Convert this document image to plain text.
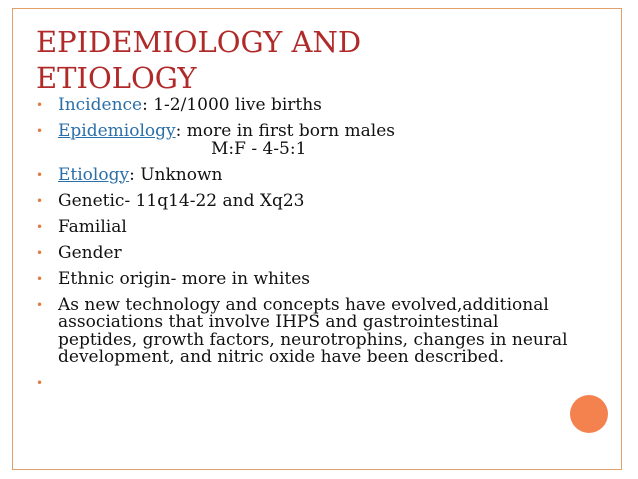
EPIDEMIOLOGY AND
ETIOLOGY
• Incidence: 1-2/1000 live births
• Epidemiology: more in first born males
M:F - 4-5:1
• Etiology: Unknown
• Genetic- 11q14-22 and Xq23
• Familial
• Gender
• Ethnic origin- more in whites
• As new technology and concepts have evolved,additional associations that involve IHPS and gastrointestinal peptides, growth factors, neurotrophins, changes in neural development, and nitric oxide have been described.
•
